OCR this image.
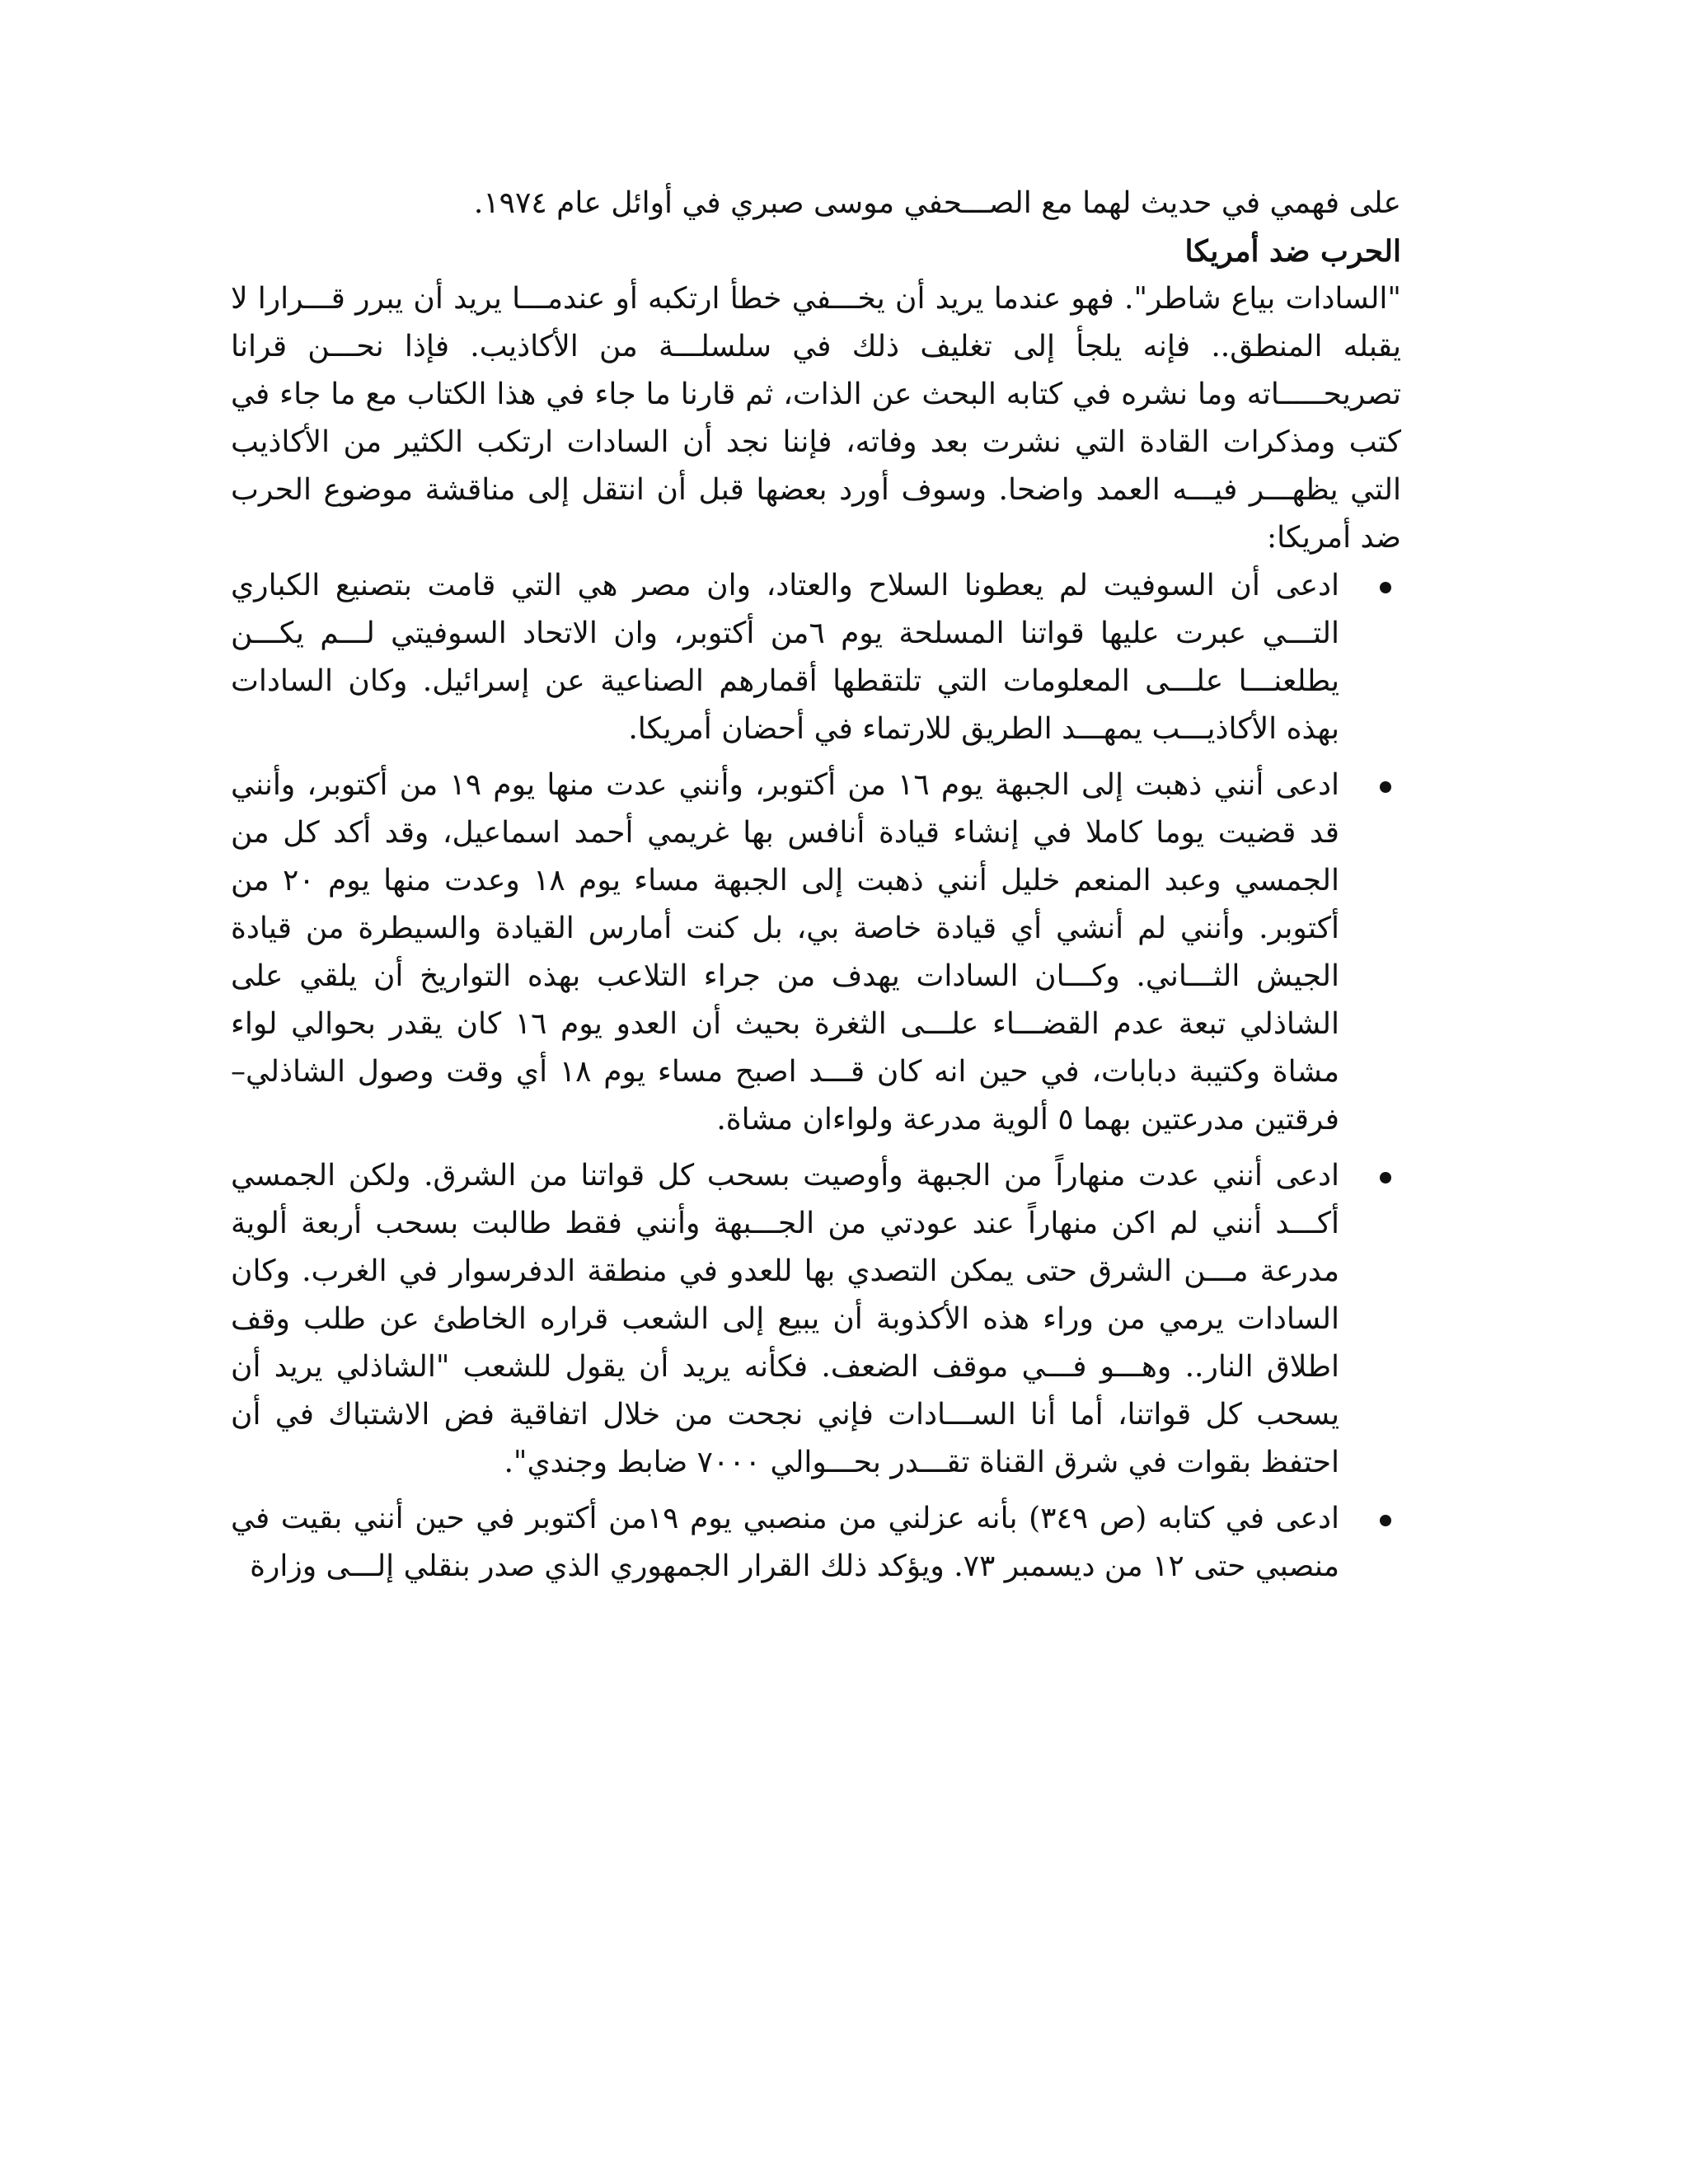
على فهمي في حديث لهما مع الصـــحفي موسى صبري في أوائل عام ١٩٧٤.

الحرب ضد أمريكا

"السادات بياع شاطر". فهو عندما يريد أن يخـــفي خطأ ارتكبه أو عندمـــا يريد أن يبرر قـــرارا لا يقبله المنطق.. فإنه يلجأ إلى تغليف ذلك في سلسلـــة من الأكاذيب. فإذا نحـــن قرانا تصريحـــــاته وما نشره في كتابه البحث عن الذات، ثم قارنا ما جاء في هذا الكتاب مع ما جاء في كتب ومذكرات القادة التي نشرت بعد وفاته، فإننا نجد أن السادات ارتكب الكثير من الأكاذيب التي يظهـــر فيـــه العمد واضحا. وسوف أورد بعضها قبل أن انتقل إلى مناقشة موضوع الحرب ضد أمريكا:

ادعى أن السوفيت لم يعطونا السلاح والعتاد، وان مصر هي التي قامت بتصنيع الكباري التـــي عبرت عليها قواتنا المسلحة يوم ٦من أكتوبر، وان الاتحاد السوفيتي لـــم يكـــن يطلعنـــا علـــى المعلومات التي تلتقطها أقمارهم الصناعية عن إسرائيل. وكان السادات بهذه الأكاذيـــب يمهـــد الطريق للارتماء في أحضان أمريكا.
ادعى أنني ذهبت إلى الجبهة يوم ١٦ من أكتوبر، وأنني عدت منها يوم ١٩ من أكتوبر، وأنني قد قضيت يوما كاملا في إنشاء قيادة أنافس بها غريمي أحمد اسماعيل، وقد أكد كل من الجمسي وعبد المنعم خليل أنني ذهبت إلى الجبهة مساء يوم ١٨ وعدت منها يوم ٢٠ من أكتوبر. وأنني لم أنشي أي قيادة خاصة بي، بل كنت أمارس القيادة والسيطرة من قيادة الجيش الثـــاني. وكـــان السادات يهدف من جراء التلاعب بهذه التواريخ أن يلقي على الشاذلي تبعة عدم القضـــاء علـــى الثغرة بحيث أن العدو يوم ١٦ كان يقدر بحوالي لواء مشاة وكتيبة دبابات، في حين انه كان قـــد اصبح مساء يوم ١٨ أي وقت وصول الشاذلي– فرقتين مدرعتين بهما ٥ ألوية مدرعة ولواءان مشاة.
ادعى أنني عدت منهاراً من الجبهة وأوصيت بسحب كل قواتنا من الشرق. ولكن الجمسي أكـــد أنني لم اكن منهاراً عند عودتي من الجـــبهة وأنني فقط طالبت بسحب أربعة ألوية مدرعة مـــن الشرق حتى يمكن التصدي بها للعدو في منطقة الدفرسوار في الغرب. وكان السادات يرمي من وراء هذه الأكذوبة أن يبيع إلى الشعب قراره الخاطئ عن طلب وقف اطلاق النار.. وهـــو فـــي موقف الضعف. فكأنه يريد أن يقول للشعب "الشاذلي يريد أن يسحب كل قواتنا، أما أنا الســـادات فإني نجحت من خلال اتفاقية فض الاشتباك في أن احتفظ بقوات في شرق القناة تقـــدر بحـــوالي ٧٠٠٠ ضابط وجندي".
ادعى في كتابه (ص ٣٤٩) بأنه عزلني من منصبي يوم ١٩من أكتوبر في حين أنني بقيت في منصبي حتى ١٢ من ديسمبر ٧٣. ويؤكد ذلك القرار الجمهوري الذي صدر بنقلي إلـــى وزارة
